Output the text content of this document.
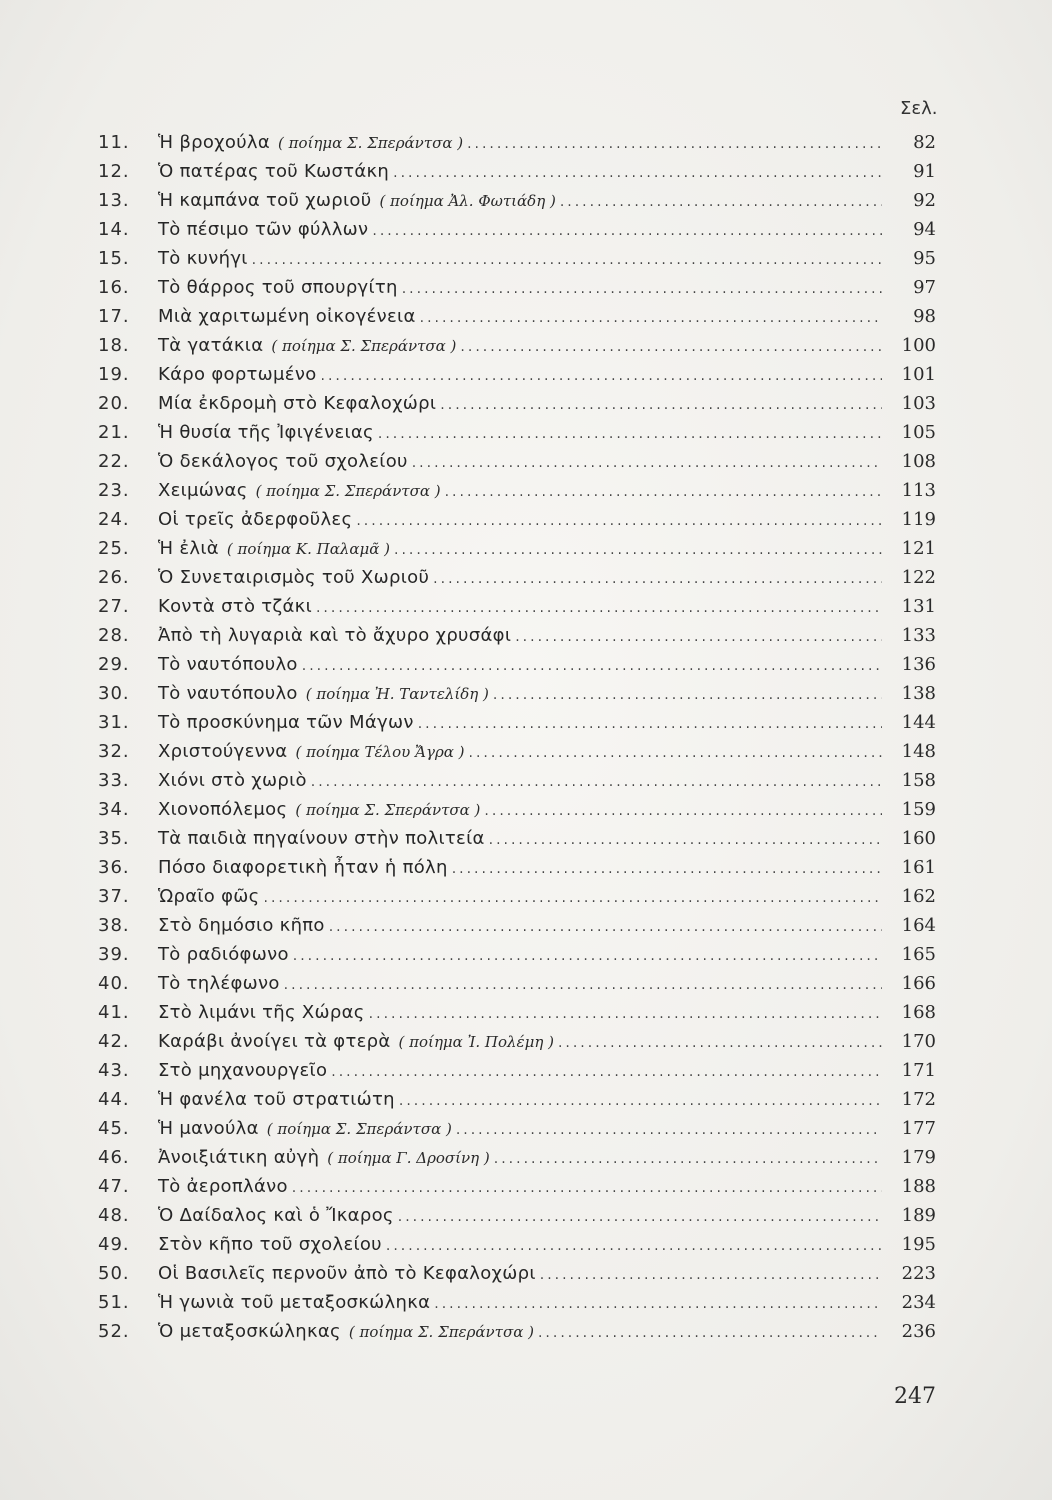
Σελ.
11.	Ἡ βροχούλα ( ποίημα Σ. Σπεράντσα ) .....	82
12.	Ὁ πατέρας τοῦ Κωστάκη .....	91
13.	Ἡ καμπάνα τοῦ χωριοῦ ( ποίημα Ἀλ. Φωτιάδη ) .....	92
14.	Τὸ πέσιμο τῶν φύλλων .....	94
15.	Τὸ κυνήγι .....	95
16.	Τὸ θάρρος τοῦ σπουργίτη .....	97
17.	Μιὰ χαριτωμένη οἰκογένεια .....	98
18.	Τὰ γατάκια ( ποίημα Σ. Σπεράντσα ) .....	100
19.	Κάρο φορτωμένο .....	101
20.	Μία ἐκδρομὴ στὸ Κεφαλοχώρι .....	103
21.	Ἡ θυσία τῆς Ἰφιγένειας .....	105
22.	Ὁ δεκάλογος τοῦ σχολείου .....	108
23.	Χειμώνας ( ποίημα Σ. Σπεράντσα ) .....	113
24.	Οἱ τρεῖς ἀδερφοῦλες .....	119
25.	Ἡ ἐλιὰ ( ποίημα Κ. Παλαμᾶ ) .....	121
26.	Ὁ Συνεταιρισμὸς τοῦ Χωριοῦ .....	122
27.	Κοντὰ στὸ τζάκι .....	131
28.	Ἀπὸ τὴ λυγαριὰ καὶ τὸ ἄχυρο χρυσάφι .....	133
29.	Τὸ ναυτόπουλο .....	136
30.	Τὸ ναυτόπουλο ( ποίημα Ἠ. Ταντελίδη ) .....	138
31.	Τὸ προσκύνημα τῶν Μάγων .....	144
32.	Χριστούγεννα ( ποίημα Τέλου Ἄγρα ) .....	148
33.	Χιόνι στὸ χωριὸ .....	158
34.	Χιονοπόλεμος ( ποίημα Σ. Σπεράντσα ) .....	159
35.	Τὰ παιδιὰ πηγαίνουν στὴν πολιτεία .....	160
36.	Πόσο διαφορετικὴ ἦταν ἡ πόλη .....	161
37.	Ὡραῖο φῶς .....	162
38.	Στὸ δημόσιο κῆπο .....	164
39.	Τὸ ραδιόφωνο .....	165
40.	Τὸ τηλέφωνο .....	166
41.	Στὸ λιμάνι τῆς Χώρας .....	168
42.	Καράβι ἀνοίγει τὰ φτερὰ ( ποίημα Ἰ. Πολέμη ) .....	170
43.	Στὸ μηχανουργεῖο .....	171
44.	Ἡ φανέλα τοῦ στρατιώτη .....	172
45.	Ἡ μανούλα ( ποίημα Σ. Σπεράντσα ) .....	177
46.	Ἀνοιξιάτικη αὐγὴ ( ποίημα Γ. Δροσίνη ) .....	179
47.	Τὸ ἀεροπλάνο .....	188
48.	Ὁ Δαίδαλος καὶ ὁ Ἴκαρος .....	189
49.	Στὸν κῆπο τοῦ σχολείου .....	195
50.	Οἱ Βασιλεῖς περνοῦν ἀπὸ τὸ Κεφαλοχώρι .....	223
51.	Ἡ γωνιὰ τοῦ μεταξοσκώληκα .....	234
52.	Ὁ μεταξοσκώληκας ( ποίημα Σ. Σπεράντσα ) .....	236
247
